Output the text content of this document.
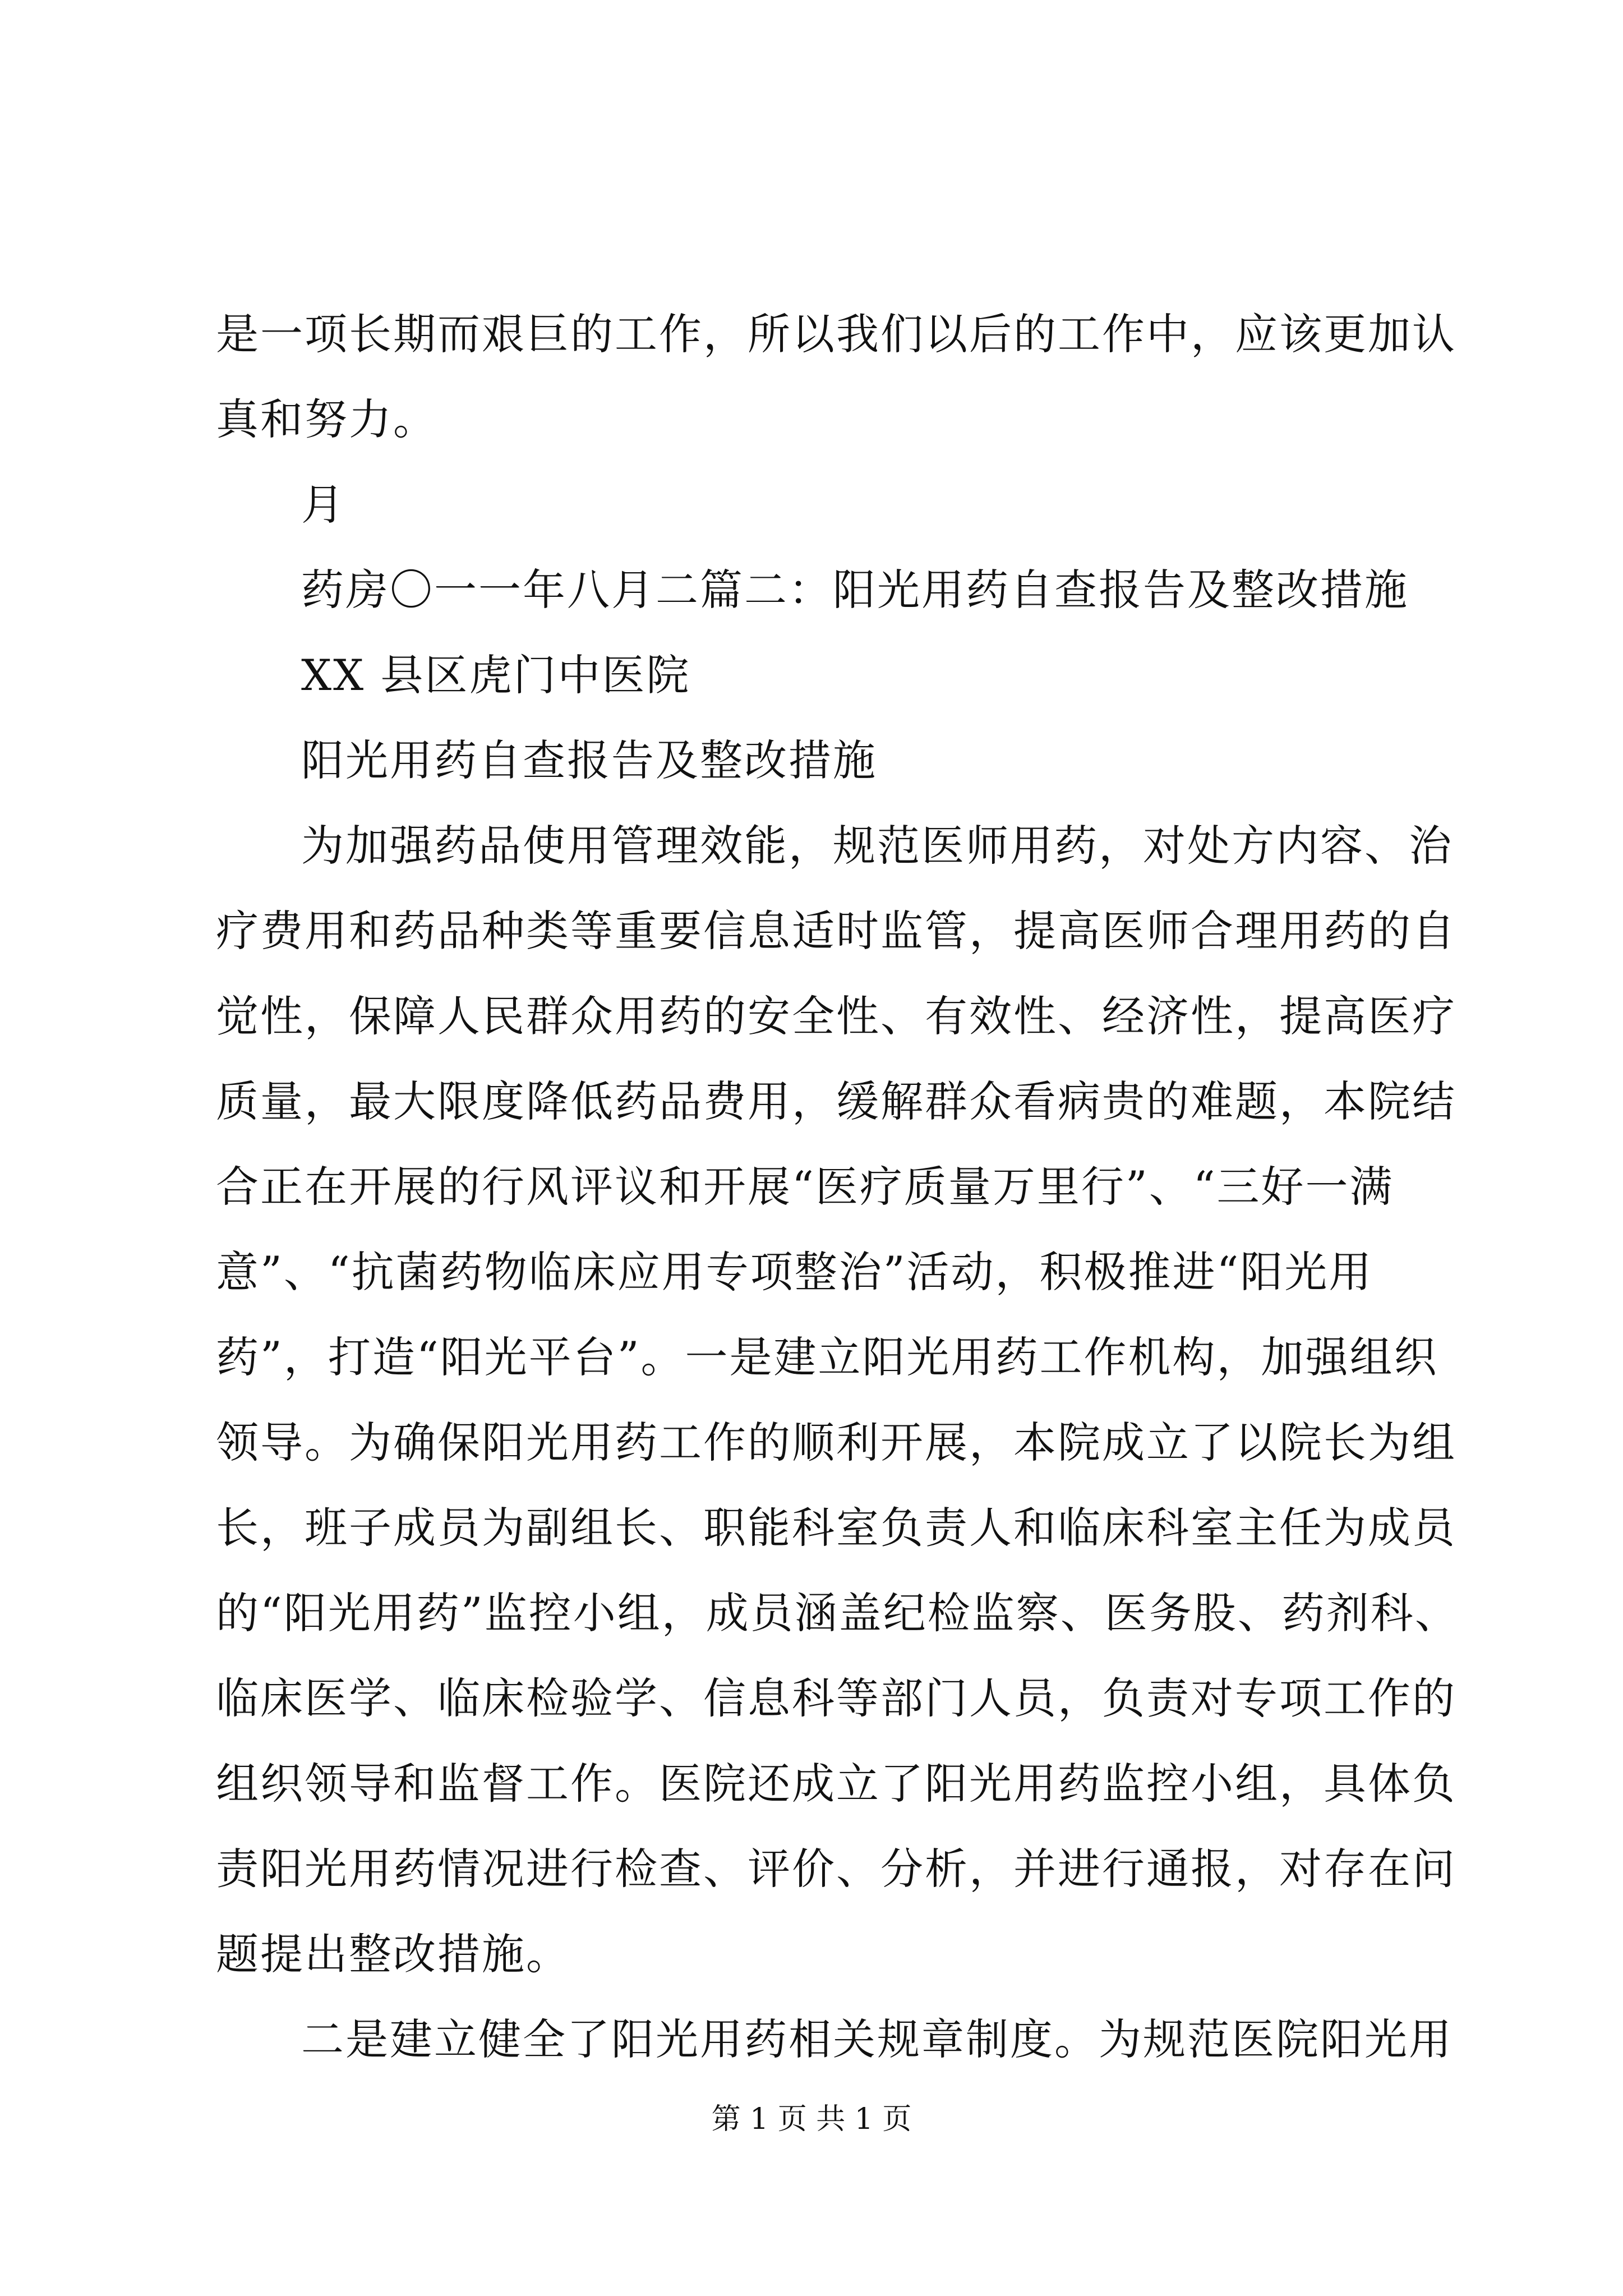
是一项长期而艰巨的工作，所以我们以后的工作中，应该更加认
真和努力。
月
药房〇一一年八月二篇二：阳光用药自查报告及整改措施
XX 县区虎门中医院
阳光用药自查报告及整改措施
为加强药品使用管理效能，规范医师用药，对处方内容、治
疗费用和药品种类等重要信息适时监管，提高医师合理用药的自
觉性，保障人民群众用药的安全性、有效性、经济性，提高医疗
质量，最大限度降低药品费用，缓解群众看病贵的难题，本院结
合正在开展的行风评议和开展“医疗质量万里行”、“三好一满
意”、“抗菌药物临床应用专项整治”活动，积极推进“阳光用
药”，打造“阳光平台”。一是建立阳光用药工作机构，加强组织
领导。为确保阳光用药工作的顺利开展，本院成立了以院长为组
长，班子成员为副组长、职能科室负责人和临床科室主任为成员
的“阳光用药”监控小组，成员涵盖纪检监察、医务股、药剂科、
临床医学、临床检验学、信息科等部门人员，负责对专项工作的
组织领导和监督工作。医院还成立了阳光用药监控小组，具体负
责阳光用药情况进行检查、评价、分析，并进行通报，对存在问
题提出整改措施。
二是建立健全了阳光用药相关规章制度。为规范医院阳光用
第 1 页 共 1 页
